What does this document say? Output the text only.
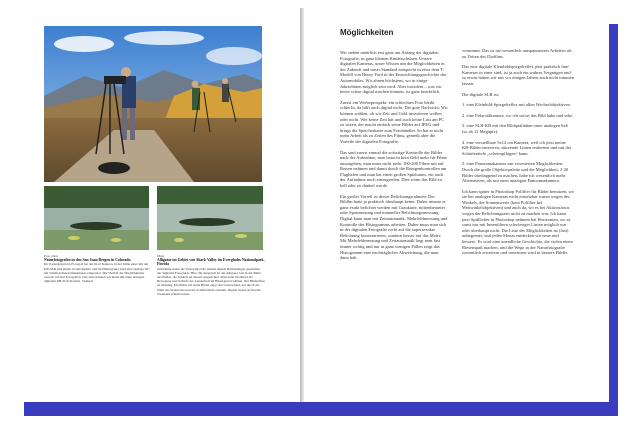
Foto oben
Naturfotografen in den San Juan Bergen in Colorado.
Im Vordergrund ein Fotograf bei der 6x12 Kamera, in der Mitte einer mit der KB-SLR und einem Zoomobjektiv und im Hintergrund wird eine analoge 6x7 am Schiffen-Panoramakameras eingesetzt. Die Vielfalt der Möglichkeiten verteilt auf drei Fotografen. Das alles können wir heute mit einer einzigen digitalen KB-SLR machen. Viehstzt.
Oben
Alligator im Gebiet von Shark Valley im Everglades Nationalpark, Florida
Aufnahme setzte die Teleoptik nicht einmal dunkle Belichtungen gegenüber der digitalen Fotografie. Hier: Im Anspruch ist der Alligator fast in der Mitte des Bildes, die Schärfe ist darauf ausgerichtet. Man kann im Detail die Bewegung und Schärfe der Landschaft im Hintergrund wählen. Der Bildaufbau ist stimmig. Ein Blick auf beide Bilder zeigt den Unterschied, der durch die Wahl des Standortes und der Schärfentiefe entsteht. Digital lassen sich beide Varianten schnell testen.
Möglichkeiten

Wir stehen natürlich erst ganz am Anfang der digitalen Fotografie, in ganz kleinen Kinderschuhen. Unsere digitalen Kameras, unser Wissen um die Möglichkeiten in der Zukunft und unser Standard entspricht in etwa dem T-Modell von Henry Ford in der Entwicklungsgeschichte des Automobiles. Wir ahnen höchstens, wo in einige Jahrzehnten möglich sein wird. Aber trotzdem – was wir heute schon digital machen können, ist ganz beachtlich.

Zuerst ein Werbeprospekt: ein schlechtes Foto bleibt schlecht, da hilft auch digital nicht. Die gute Nachricht: Wir können wählen, ob wir Zeit und Geld investieren wollen oder nicht. Wer keine Zeit hat und auch keine Lust am PC zu sitzen, der macht einfach seine Bilder auf JPEG und bringt die Speicherkarte zum Fotohändler. So hat er nicht mehr Arbeit als zu Zeiten des Films, genießt aber die Vorteile der digitalen Fotografie.

Das sind zuerst einmal die sofortige Kontrolle der Bilder nach der Aufnahme, man braucht kein Geld mehr für Filme auszugeben, man muss nicht mehr 100-200 Filme mit auf Reisen nehmen und damit durch die Röntgenkontrollen am Flughafen und man hat einen großen Spielraum, ein nach der Aufnahme noch einzugreifen. Dies wenn das Bild zu hell oder zu dunkel wurde.

Ein großer Vorteil ist dieser Belichtungsrahmen: Der Bildlin hatte ja praktisch überhaupt keine. Daher musste er ganz exakt belichtet werden mit Graukarte, mittenbetonter oder Spotmessung und manueller Belichtungsmessung. Digital kann man mit Zeitautomatik, Mehrfeldmessung und Kontrolle des Histogramms arbeiten. Daher muss man sich in der digitalen Fotografie nicht auf die supersexakte Belichtung konzentrieren, sondern besser auf das Motiv. Mit Mehrfeldmessung und Zeitautomatik liegt man fast immer richtig und nur in ganz wenigen Fällen zeigt das Histogramm eine nachträglicher Abweichung, die man dann halt

vornimmt. Das ist nie wesentlich umspannsteres Arbeiten als zu Zeiten des Diafilms.

Das eine digitale Kleinbildspiegelreflex jetzt praktisch fünf Kameras in einer sind, ist ja auch ein wahres Vergnügen und so etwas hätten wir uns vor einigen Jahren auch nicht träumen lassen.

Die digitale SLR ist:

1. eine Kleinbild-Spiegelreflex mit allen Wechselobjektiven.

2. eine Polaroidkamera, wo ich sofort das Bild habe und sehe.

3. eine SLR-KB mit den Bildqualitäten einer analogen 6x6 (so ab 12 Megapix).

4. eine verstellbare 9x12 cm Kamera, weil ich jetzt meine KB-Bilder entzerren, stürzende Linien entfernen und mit der Schärfentiefe „scheimpflügen“ kann.

5. eine Panoramakamera mit erweiterten Möglichkeiten. Durch die große Objektivpalette und die Möglichkeit, 2-20 Bilder überlappend zu machen, habe ich wesentlich mehr Alternativen, als mit einer analogen Panoramakamera.

Ich kann später in Photoshop Polfilter für Bilder benutzen, wo sie bei analogen Kameras nicht einsetzbar waren wegen des Winkels, der Sonnenwerte (kein Polfilter bei Weitwinkelobjektiven) und auch da, wo es bei Aktionsfotos wegen der Belichtungszeit nicht zu machen war. Ich kann jetzt Spitllicher in Photoshop nehmen bei Horizonten, wo es sonst nur mit Innenfiltern schwieriger Linien möglich war oder überhaupt nicht. Die Liste der Möglichkeiten ist (fast) unbegrenzt, und jeden Monat entdecken wir neue und bessere. Es wird eine unendliche Geschichte, die vielen einen Riesenspaß machen, und die Wege in der Naturfotografie wesentlich erweitern und unsertiren wird in bessere Bilder.
